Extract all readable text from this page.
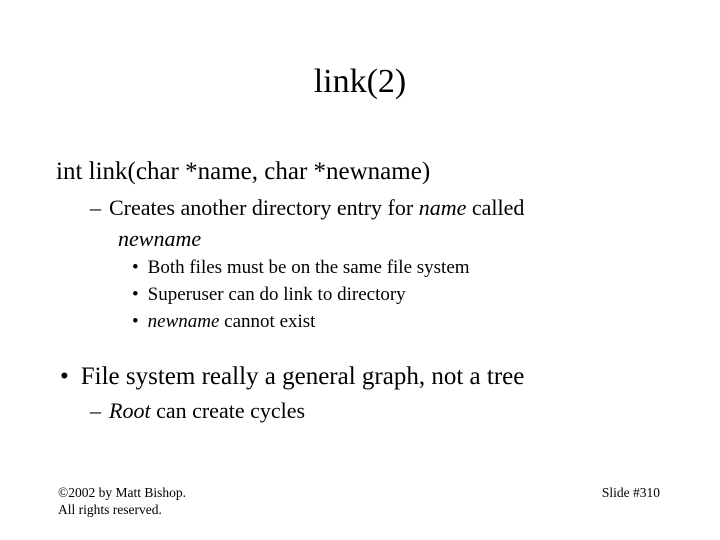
link(2)
int link(char *name, char *newname)
– Creates another directory entry for name called
newname
• Both files must be on the same file system
• Superuser can do link to directory
• newname cannot exist
• File system really a general graph, not a tree
– Root can create cycles
©2002 by Matt Bishop.
All rights reserved.
Slide #310
